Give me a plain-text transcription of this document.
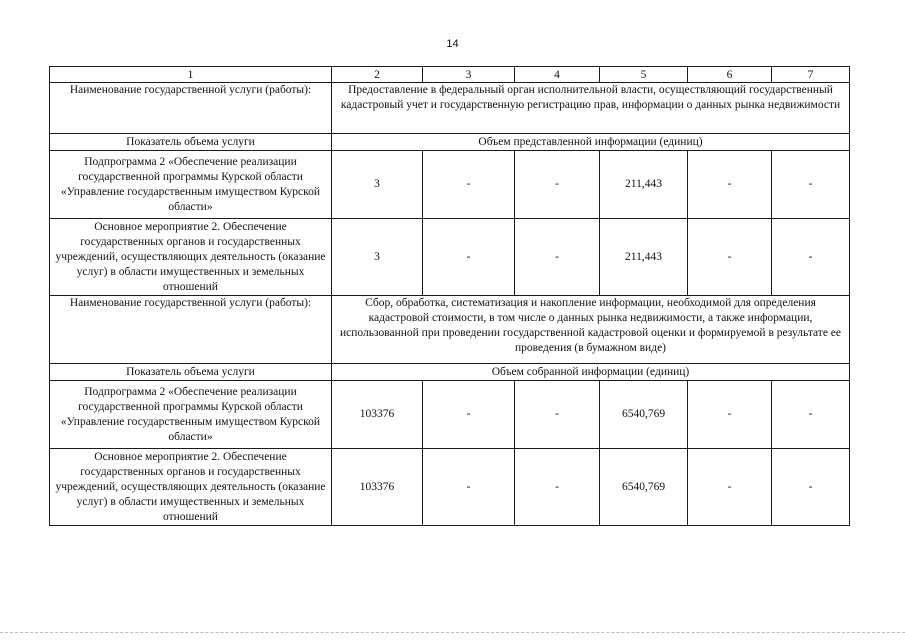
14
1	2	3	4	5	6	7
Наименование государственной услуги (работы):	Предоставление в федеральный орган исполнительной власти, осуществляющий государственный кадастровый учет и государственную регистрацию прав, информации о данных рынка недвижимости					
Показатель объема услуги	Объем представленной информации (единиц)					
Подпрограмма 2 «Обеспечение реализации государственной программы Курской области «Управление государственным имуществом Курской области»	3	-	-	211,443	-	-
Основное мероприятие 2. Обеспечение государственных органов и государственных учреждений, осуществляющих деятельность (оказание услуг) в области имущественных и земельных отношений	3	-	-	211,443	-	-
Наименование государственной услуги (работы):	Сбор, обработка, систематизация и накопление информации, необходимой для определения кадастровой стоимости, в том числе о данных рынка недвижимости, а также информации, использованной при проведении государственной кадастровой оценки и формируемой в результате ее проведения (в бумажном виде)					
Показатель объема услуги	Объем собранной информации (единиц)					
Подпрограмма 2 «Обеспечение реализации государственной программы Курской области «Управление государственным имуществом Курской области»	103376	-	-	6540,769	-	-
Основное мероприятие 2. Обеспечение государственных органов и государственных учреждений, осуществляющих деятельность (оказание услуг) в области имущественных и земельных отношений	103376	-	-	6540,769	-	-
